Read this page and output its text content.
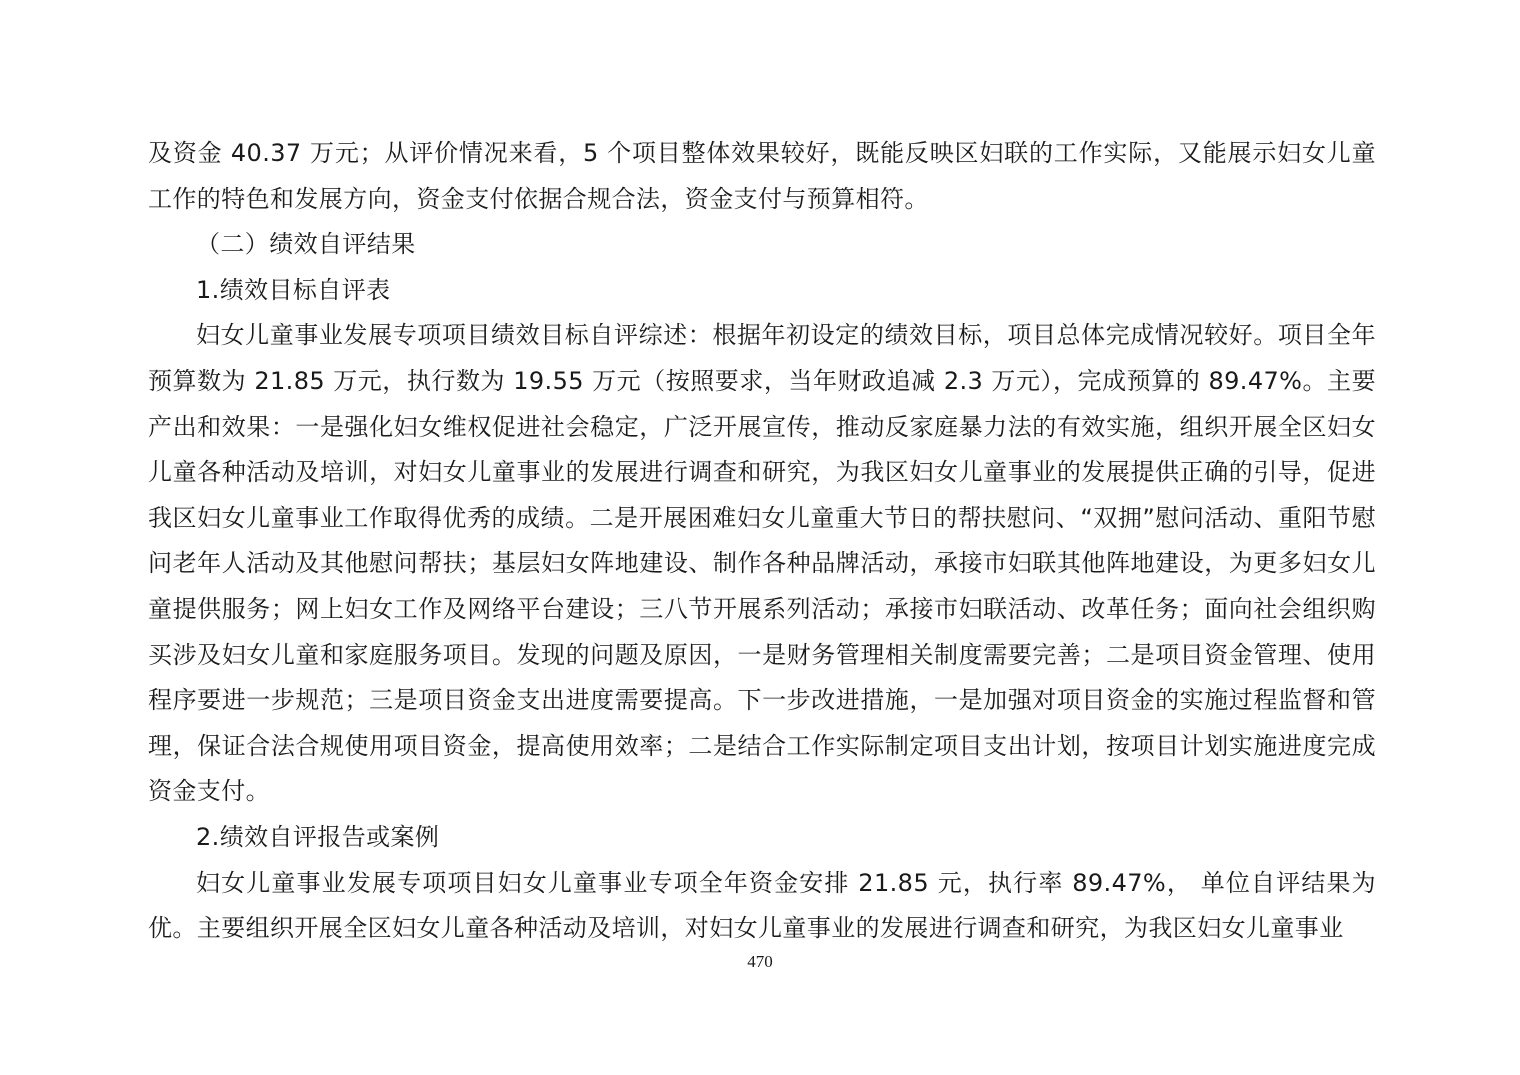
及资金 40.37 万元；从评价情况来看，5 个项目整体效果较好，既能反映区妇联的工作实际，又能展示妇女儿童工作的特色和发展方向，资金支付依据合规合法，资金支付与预算相符。

（二）绩效自评结果

1.绩效目标自评表

妇女儿童事业发展专项项目绩效目标自评综述：根据年初设定的绩效目标，项目总体完成情况较好。项目全年预算数为 21.85 万元，执行数为 19.55 万元（按照要求，当年财政追减 2.3 万元），完成预算的 89.47%。主要产出和效果：一是强化妇女维权促进社会稳定，广泛开展宣传，推动反家庭暴力法的有效实施，组织开展全区妇女儿童各种活动及培训，对妇女儿童事业的发展进行调查和研究，为我区妇女儿童事业的发展提供正确的引导，促进我区妇女儿童事业工作取得优秀的成绩。二是开展困难妇女儿童重大节日的帮扶慰问、“双拥”慰问活动、重阳节慰问老年人活动及其他慰问帮扶；基层妇女阵地建设、制作各种品牌活动，承接市妇联其他阵地建设，为更多妇女儿童提供服务；网上妇女工作及网络平台建设；三八节开展系列活动；承接市妇联活动、改革任务；面向社会组织购买涉及妇女儿童和家庭服务项目。发现的问题及原因，一是财务管理相关制度需要完善；二是项目资金管理、使用程序要进一步规范；三是项目资金支出进度需要提高。下一步改进措施，一是加强对项目资金的实施过程监督和管理，保证合法合规使用项目资金，提高使用效率；二是结合工作实际制定项目支出计划，按项目计划实施进度完成资金支付。

2.绩效自评报告或案例

妇女儿童事业发展专项项目妇女儿童事业专项全年资金安排 21.85 元，执行率 89.47%， 单位自评结果为优。主要组织开展全区妇女儿童各种活动及培训，对妇女儿童事业的发展进行调查和研究，为我区妇女儿童事业

470
